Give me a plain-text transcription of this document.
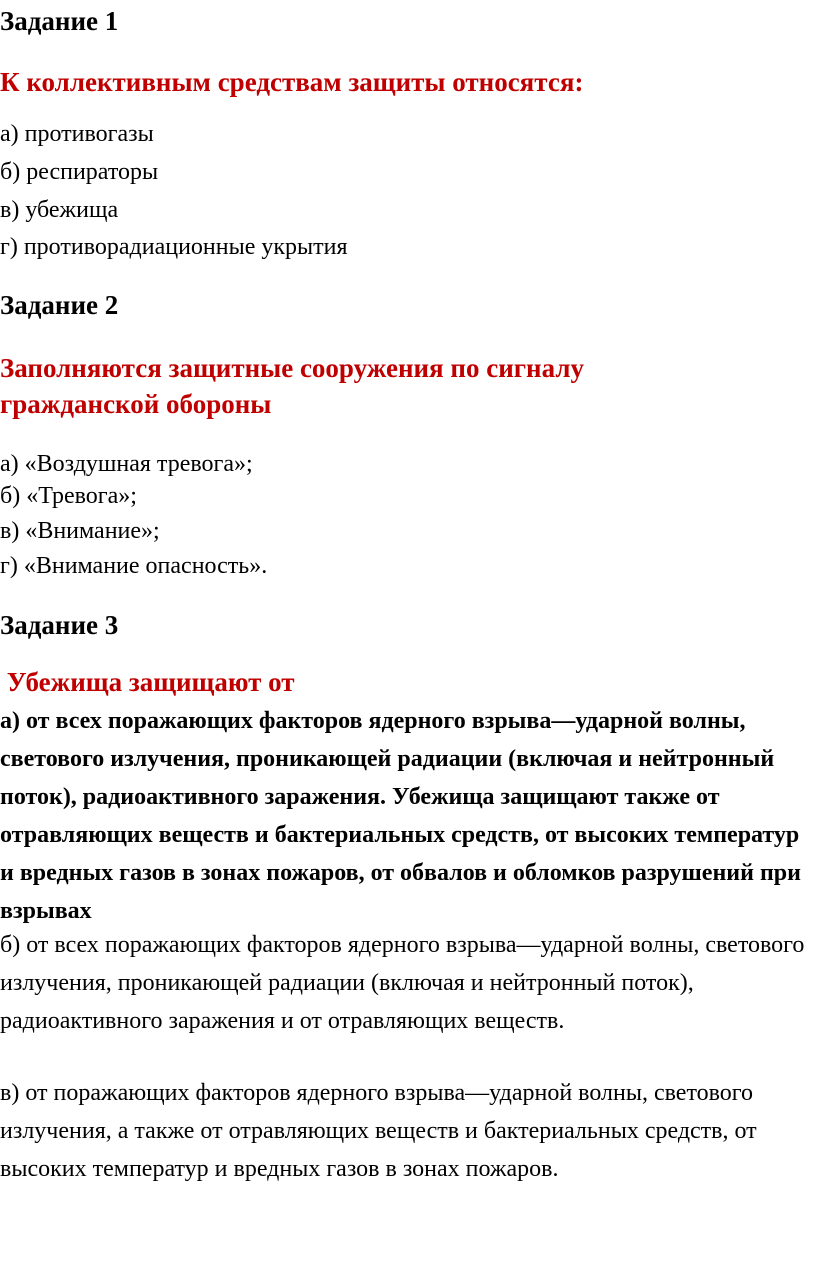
Задание 1

К коллективным средствам защиты относятся:

а) противогазы

б) респираторы

в) убежища

г) противорадиационные укрытия

Задание 2

Заполняются защитные сооружения по сигналу гражданской обороны

а) «Воздушная тревога»;

б) «Тревога»;

в) «Внимание»;

г) «Внимание опасность».

Задание 3

Убежища защищают от

а) от всех поражающих факторов ядерного взрыва—ударной волны, светового излучения, проникающей радиации (включая и нейтронный поток), радиоактивного заражения. Убежища защищают также от отравляющих веществ и бактериальных средств, от высоких температур и вредных газов в зонах пожаров, от обвалов и обломков разрушений при взрывах

б) от всех поражающих факторов ядерного взрыва—ударной волны, светового излучения, проникающей радиации (включая и нейтронный поток), радиоактивного заражения и от отравляющих веществ.

в) от поражающих факторов ядерного взрыва—ударной волны, светового излучения, а также от отравляющих веществ и бактериальных средств, от высоких температур и вредных газов в зонах пожаров.
